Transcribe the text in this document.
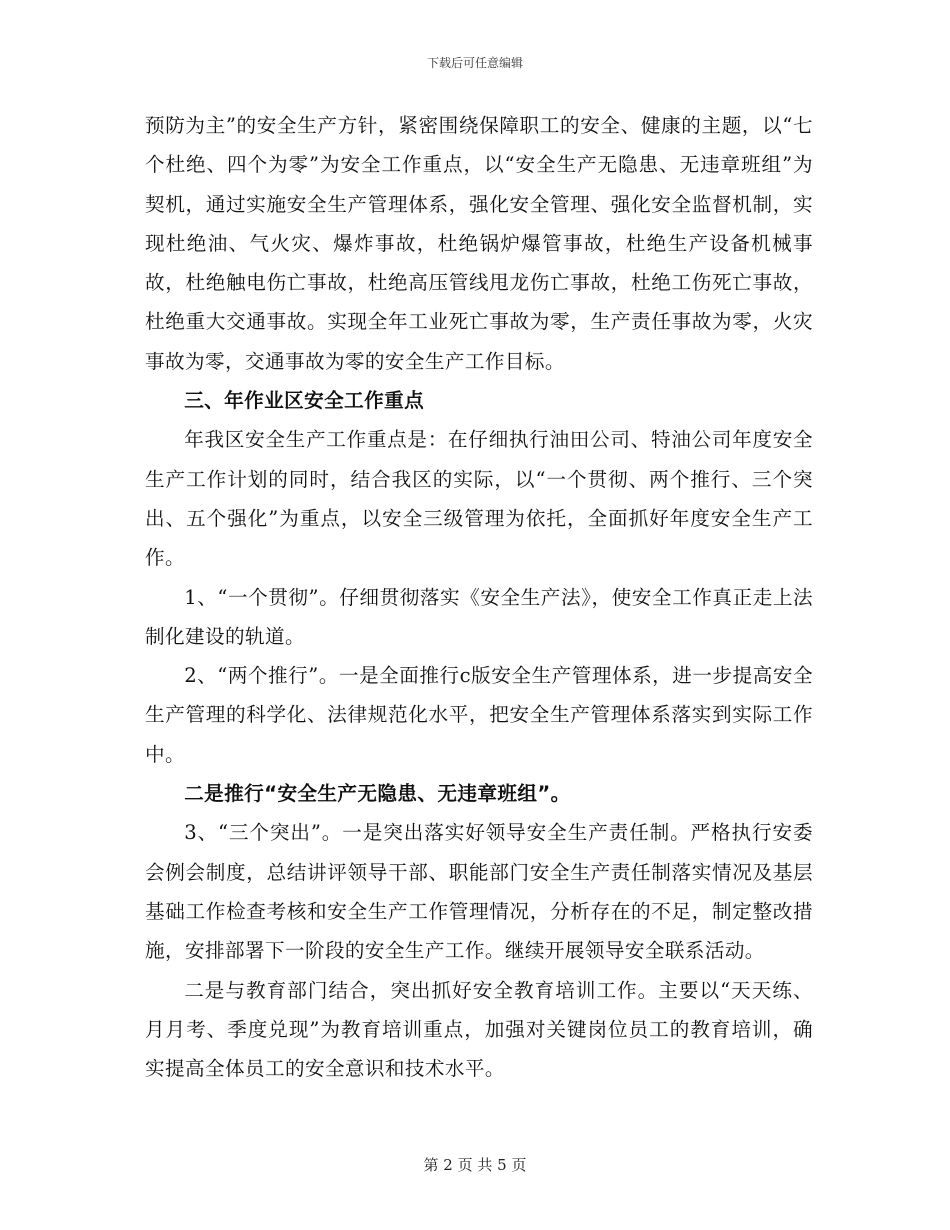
下载后可任意编辑

预防为主”的安全生产方针，紧密围绕保障职工的安全、健康的主题，以“七个杜绝、四个为零”为安全工作重点，以“安全生产无隐患、无违章班组”为契机，通过实施安全生产管理体系，强化安全管理、强化安全监督机制，实现杜绝油、气火灾、爆炸事故，杜绝锅炉爆管事故，杜绝生产设备机械事故，杜绝触电伤亡事故，杜绝高压管线甩龙伤亡事故，杜绝工伤死亡事故，杜绝重大交通事故。实现全年工业死亡事故为零，生产责任事故为零，火灾事故为零，交通事故为零的安全生产工作目标。

三、年作业区安全工作重点

年我区安全生产工作重点是：在仔细执行油田公司、特油公司年度安全生产工作计划的同时，结合我区的实际，以“一个贯彻、两个推行、三个突出、五个强化”为重点，以安全三级管理为依托，全面抓好年度安全生产工作。

1、“一个贯彻”。仔细贯彻落实《安全生产法》，使安全工作真正走上法制化建设的轨道。

2、“两个推行”。一是全面推行c版安全生产管理体系，进一步提高安全生产管理的科学化、法律规范化水平，把安全生产管理体系落实到实际工作中。

二是推行“安全生产无隐患、无违章班组”。

3、“三个突出”。一是突出落实好领导安全生产责任制。严格执行安委会例会制度，总结讲评领导干部、职能部门安全生产责任制落实情况及基层基础工作检查考核和安全生产工作管理情况，分析存在的不足，制定整改措施，安排部署下一阶段的安全生产工作。继续开展领导安全联系活动。

二是与教育部门结合，突出抓好安全教育培训工作。主要以“天天练、月月考、季度兑现”为教育培训重点，加强对关键岗位员工的教育培训，确实提高全体员工的安全意识和技术水平。

第 2 页 共 5 页
